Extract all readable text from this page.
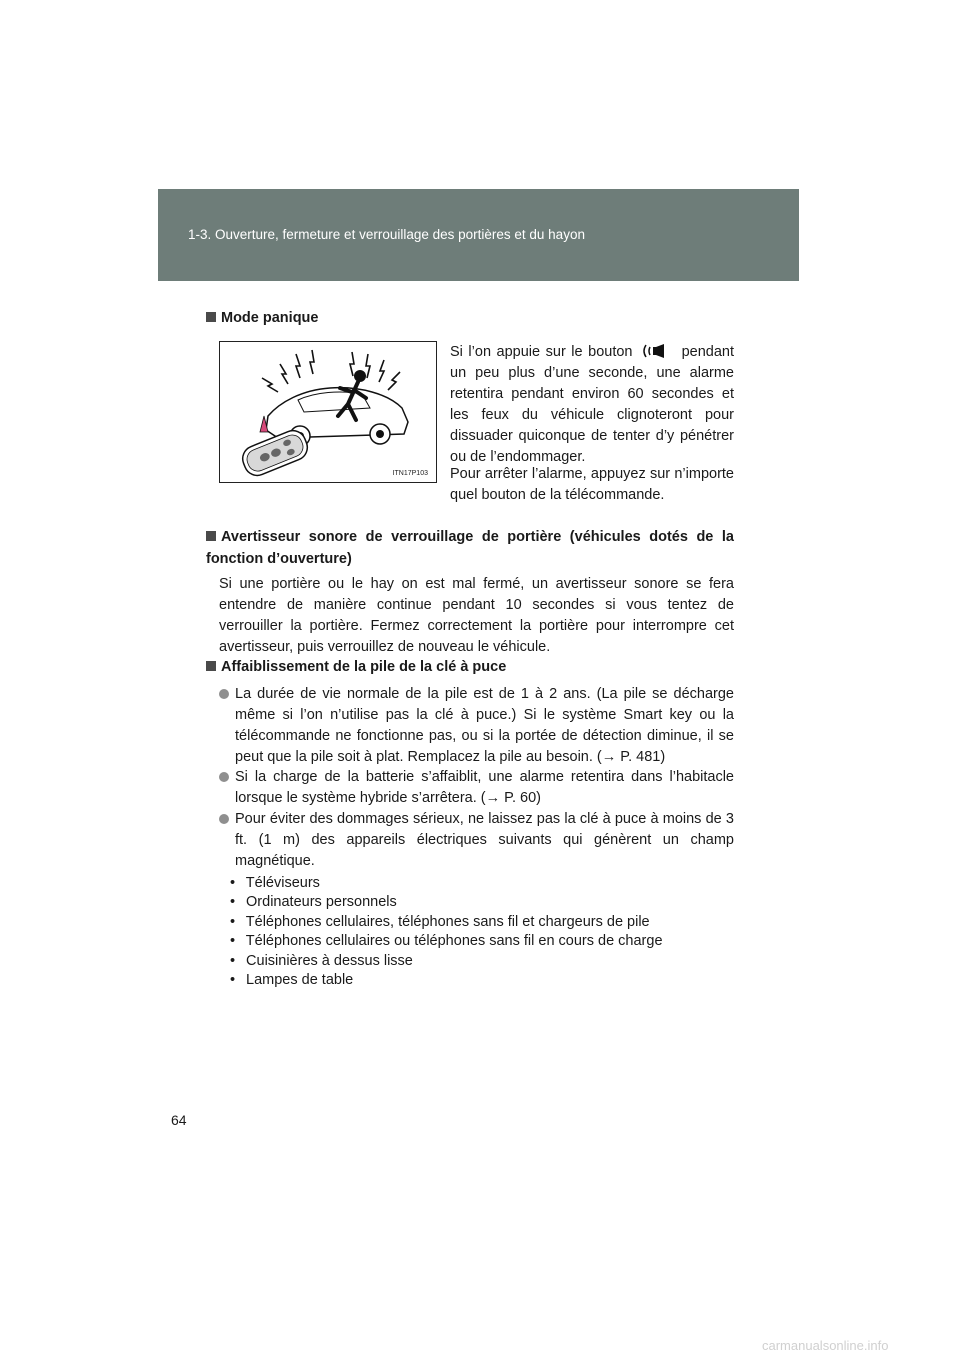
1-3. Ouverture, fermeture et verrouillage des portières et du hayon
Mode panique
ITN17P103
Si l’on appuie sur le bouton	pendant un peu plus d’une seconde, une alarme retentira pendant environ 60 secondes et les feux du véhicule clignoteront pour dissuader quiconque de tenter d’y pénétrer ou de l’endommager.
Pour arrêter l’alarme, appuyez sur n’importe quel bouton de la télécommande.
Avertisseur sonore de verrouillage de portière (véhicules dotés de la fonction d’ouverture)
Si une portière ou le hay on est mal fermé, un avertisseur sonore se fera entendre de manière continue pendant 10 secondes si vous tentez de verrouiller la portière. Fermez correctement la portière pour interrompre cet avertisseur, puis verrouillez de nouveau le véhicule.
Affaiblissement de la pile de la clé à puce
La durée de vie normale de la pile est de 1 à 2 ans. (La pile se décharge même si l’on n’utilise pas la clé à puce.) Si le système Smart key ou la télécommande ne fonctionne pas, ou si la portée de détection diminue, il se peut que la pile soit à plat. Remplacez la pile au besoin. (→ P. 481)
Si la charge de la batterie s’affaiblit, une alarme retentira dans l’habitacle lorsque le système hybride s’arrêtera. (→ P. 60)
Pour éviter des dommages sérieux, ne laissez pas la clé à puce à moins de 3 ft. (1 m) des appareils électriques suivants qui génèrent un champ magnétique.
• Téléviseurs
• Ordinateurs personnels
• Téléphones cellulaires, téléphones sans fil et chargeurs de pile
• Téléphones cellulaires ou téléphones sans fil en cours de charge
• Cuisinières à dessus lisse
• Lampes de table
64
carmanualsonline.info
